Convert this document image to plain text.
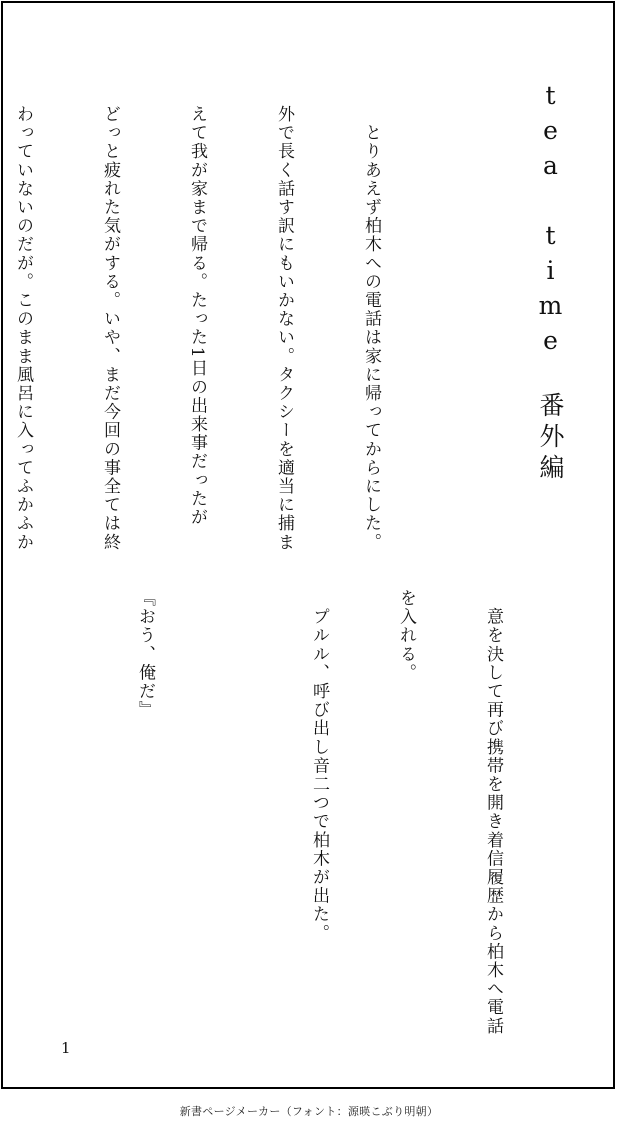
tea time　番外編

　とりあえず柏木への電話は家に帰ってからにした。

外で長く話す訳にもいかない。タクシーを適当に捕ま

えて我が家まで帰る。たった1日の出来事だったが

どっと疲れた気がする。いや、まだ今回の事全ては終

わっていないのだが。このまま風呂に入ってふかふか

　意を決して再び携帯を開き着信履歴から柏木へ電話

を入れる。

　プルル、呼び出し音二つで柏木が出た。

『おう、俺だ』

1
新書ページメーカー（フォント：源暎こぶり明朝）
